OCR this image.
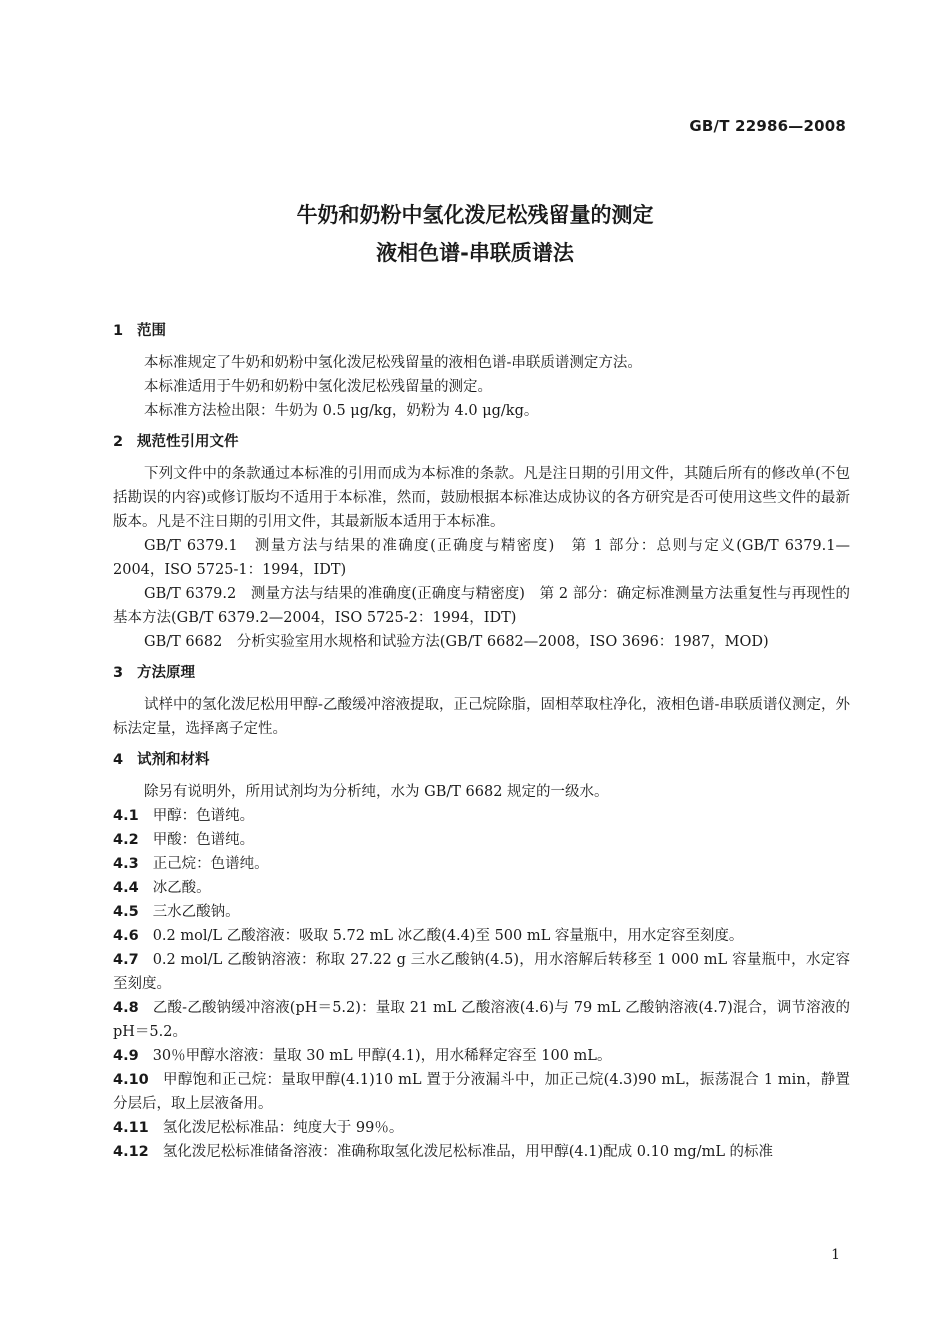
GB/T 22986—2008
牛奶和奶粉中氢化泼尼松残留量的测定
液相色谱-串联质谱法
1 范围

本标准规定了牛奶和奶粉中氢化泼尼松残留量的液相色谱-串联质谱测定方法。

本标准适用于牛奶和奶粉中氢化泼尼松残留量的测定。

本标准方法检出限：牛奶为 0.5 μg/kg，奶粉为 4.0 μg/kg。

2 规范性引用文件

下列文件中的条款通过本标准的引用而成为本标准的条款。凡是注日期的引用文件，其随后所有的修改单(不包括勘误的内容)或修订版均不适用于本标准，然而，鼓励根据本标准达成协议的各方研究是否可使用这些文件的最新版本。凡是不注日期的引用文件，其最新版本适用于本标准。

GB/T 6379.1　测量方法与结果的准确度(正确度与精密度)　第 1 部分：总则与定义(GB/T 6379.1—2004，ISO 5725-1：1994，IDT)

GB/T 6379.2　测量方法与结果的准确度(正确度与精密度)　第 2 部分：确定标准测量方法重复性与再现性的基本方法(GB/T 6379.2—2004，ISO 5725-2：1994，IDT)

GB/T 6682　分析实验室用水规格和试验方法(GB/T 6682—2008，ISO 3696：1987，MOD)

3 方法原理

试样中的氢化泼尼松用甲醇-乙酸缓冲溶液提取，正己烷除脂，固相萃取柱净化，液相色谱-串联质谱仪测定，外标法定量，选择离子定性。

4 试剂和材料

除另有说明外，所用试剂均为分析纯，水为 GB/T 6682 规定的一级水。

4.1 甲醇：色谱纯。

4.2 甲酸：色谱纯。

4.3 正己烷：色谱纯。

4.4 冰乙酸。

4.5 三水乙酸钠。

4.6 0.2 mol/L 乙酸溶液：吸取 5.72 mL 冰乙酸(4.4)至 500 mL 容量瓶中，用水定容至刻度。

4.7 0.2 mol/L 乙酸钠溶液：称取 27.22 g 三水乙酸钠(4.5)，用水溶解后转移至 1 000 mL 容量瓶中，水定容至刻度。

4.8 乙酸-乙酸钠缓冲溶液(pH＝5.2)：量取 21 mL 乙酸溶液(4.6)与 79 mL 乙酸钠溶液(4.7)混合，调节溶液的 pH＝5.2。

4.9 30％甲醇水溶液：量取 30 mL 甲醇(4.1)，用水稀释定容至 100 mL。

4.10 甲醇饱和正己烷：量取甲醇(4.1)10 mL 置于分液漏斗中，加正己烷(4.3)90 mL，振荡混合 1 min，静置分层后，取上层液备用。

4.11 氢化泼尼松标准品：纯度大于 99％。

4.12 氢化泼尼松标准储备溶液：准确称取氢化泼尼松标准品，用甲醇(4.1)配成 0.10 mg/mL 的标准

1
